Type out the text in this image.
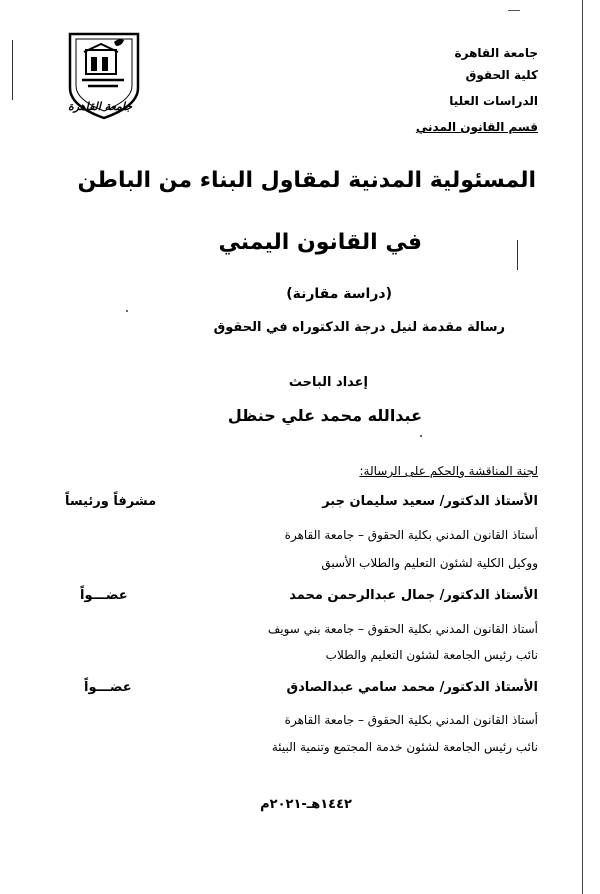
جامعة القاهرة
جامعة القاهرة
كلية الحقوق
الدراسات العليا
قسم القانون المدني
المسئولية المدنية لمقاول البناء من الباطن
في القانون اليمني
(دراسة مقارنة)
رسالة مقدمة لنيل درجة الدكتوراه في الحقوق
إعداد الباحث
عبدالله محمد علي حنظل
لجنة المناقشة والحكم على الرسالة:
الأستاذ الدكتور/ سعيد سليمان جبر
مشرفاً ورئيساً
أستاذ القانون المدني بكلية الحقوق – جامعة القاهرة
ووكيل الكلية لشئون التعليم والطلاب الأسبق
الأستاذ الدكتور/ جمال عبدالرحمن محمد
عضـــواً
أستاذ القانون المدني بكلية الحقوق – جامعة بني سويف
نائب رئيس الجامعة لشئون التعليم والطلاب
الأستاذ الدكتور/ محمد سامي عبدالصادق
عضـــواً
أستاذ القانون المدني بكلية الحقوق – جامعة القاهرة
نائب رئيس الجامعة لشئون خدمة المجتمع وتنمية البيئة
١٤٤٢هـ-٢٠٢١م
